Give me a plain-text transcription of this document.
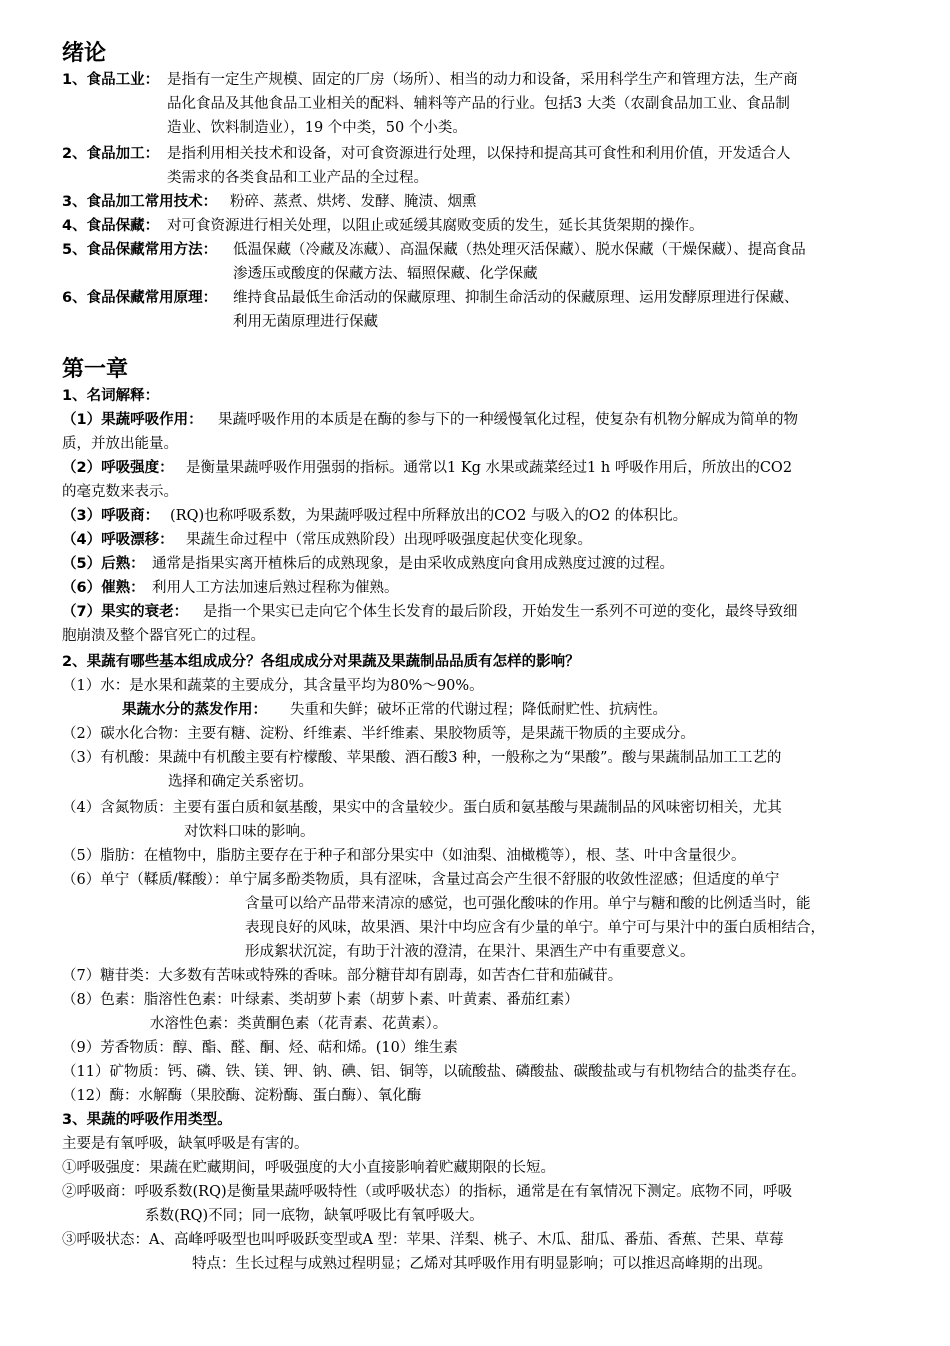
绪论
1、食品工业： 是指有一定生产规模、固定的厂房（场所）、相当的动力和设备，采用科学生产和管理方法，生产商
品化食品及其他食品工业相关的配料、辅料等产品的行业。包括3 大类（农副食品加工业、食品制
造业、饮料制造业），19 个中类，50 个小类。
2、食品加工： 是指利用相关技术和设备，对可食资源进行处理，以保持和提高其可食性和利用价值，开发适合人
类需求的各类食品和工业产品的全过程。
3、食品加工常用技术： 粉碎、蒸煮、烘烤、发酵、腌渍、烟熏
4、食品保藏： 对可食资源进行相关处理，以阻止或延缓其腐败变质的发生，延长其货架期的操作。
5、食品保藏常用方法： 低温保藏（冷藏及冻藏）、高温保藏（热处理灭活保藏）、脱水保藏（干燥保藏）、提高食品
渗透压或酸度的保藏方法、辐照保藏、化学保藏
6、食品保藏常用原理： 维持食品最低生命活动的保藏原理、抑制生命活动的保藏原理、运用发酵原理进行保藏、
利用无菌原理进行保藏
第一章
1、名词解释：
（1）果蔬呼吸作用： 果蔬呼吸作用的本质是在酶的参与下的一种缓慢氧化过程，使复杂有机物分解成为简单的物
质，并放出能量。
（2）呼吸强度： 是衡量果蔬呼吸作用强弱的指标。通常以1 Kg 水果或蔬菜经过1 h 呼吸作用后，所放出的CO2
的毫克数来表示。
（3）呼吸商： (RQ)也称呼吸系数，为果蔬呼吸过程中所释放出的CO2 与吸入的O2 的体积比。
（4）呼吸漂移： 果蔬生命过程中（常压成熟阶段）出现呼吸强度起伏变化现象。
（5）后熟： 通常是指果实离开植株后的成熟现象，是由采收成熟度向食用成熟度过渡的过程。
（6）催熟： 利用人工方法加速后熟过程称为催熟。
（7）果实的衰老： 是指一个果实已走向它个体生长发育的最后阶段，开始发生一系列不可逆的变化，最终导致细
胞崩溃及整个器官死亡的过程。
2、果蔬有哪些基本组成成分？各组成成分对果蔬及果蔬制品品质有怎样的影响？
（1）水：是水果和蔬菜的主要成分，其含量平均为80%～90%。
果蔬水分的蒸发作用： 失重和失鲜；破坏正常的代谢过程；降低耐贮性、抗病性。
（2）碳水化合物：主要有糖、淀粉、纤维素、半纤维素、果胶物质等，是果蔬干物质的主要成分。
（3）有机酸：果蔬中有机酸主要有柠檬酸、苹果酸、酒石酸3 种，一般称之为“果酸”。酸与果蔬制品加工工艺的
选择和确定关系密切。
（4）含氮物质：主要有蛋白质和氨基酸，果实中的含量较少。蛋白质和氨基酸与果蔬制品的风味密切相关，尤其
对饮料口味的影响。
（5）脂肪：在植物中，脂肪主要存在于种子和部分果实中（如油梨、油橄榄等），根、茎、叶中含量很少。
（6）单宁（鞣质/鞣酸）：单宁属多酚类物质，具有涩味，含量过高会产生很不舒服的收敛性涩感；但适度的单宁
含量可以给产品带来清凉的感觉，也可强化酸味的作用。单宁与糖和酸的比例适当时，能
表现良好的风味，故果酒、果汁中均应含有少量的单宁。单宁可与果汁中的蛋白质相结合，
形成絮状沉淀，有助于汁液的澄清，在果汁、果酒生产中有重要意义。
（7）糖苷类：大多数有苦味或特殊的香味。部分糖苷却有剧毒，如苦杏仁苷和茄碱苷。
（8）色素：脂溶性色素：叶绿素、类胡萝卜素（胡萝卜素、叶黄素、番茄红素）
水溶性色素：类黄酮色素（花青素、花黄素）。
（9）芳香物质：醇、酯、醛、酮、烃、萜和烯。(10）维生素
（11）矿物质：钙、磷、铁、镁、钾、钠、碘、铝、铜等，以硫酸盐、磷酸盐、碳酸盐或与有机物结合的盐类存在。
（12）酶：水解酶（果胶酶、淀粉酶、蛋白酶）、氧化酶
3、果蔬的呼吸作用类型。
主要是有氧呼吸，缺氧呼吸是有害的。
①呼吸强度：果蔬在贮藏期间，呼吸强度的大小直接影响着贮藏期限的长短。
②呼吸商：呼吸系数(RQ)是衡量果蔬呼吸特性（或呼吸状态）的指标，通常是在有氧情况下测定。底物不同，呼吸
系数(RQ)不同；同一底物，缺氧呼吸比有氧呼吸大。
③呼吸状态：A、高峰呼吸型也叫呼吸跃变型或A 型：苹果、洋梨、桃子、木瓜、甜瓜、番茄、香蕉、芒果、草莓
特点：生长过程与成熟过程明显；乙烯对其呼吸作用有明显影响；可以推迟高峰期的出现。
